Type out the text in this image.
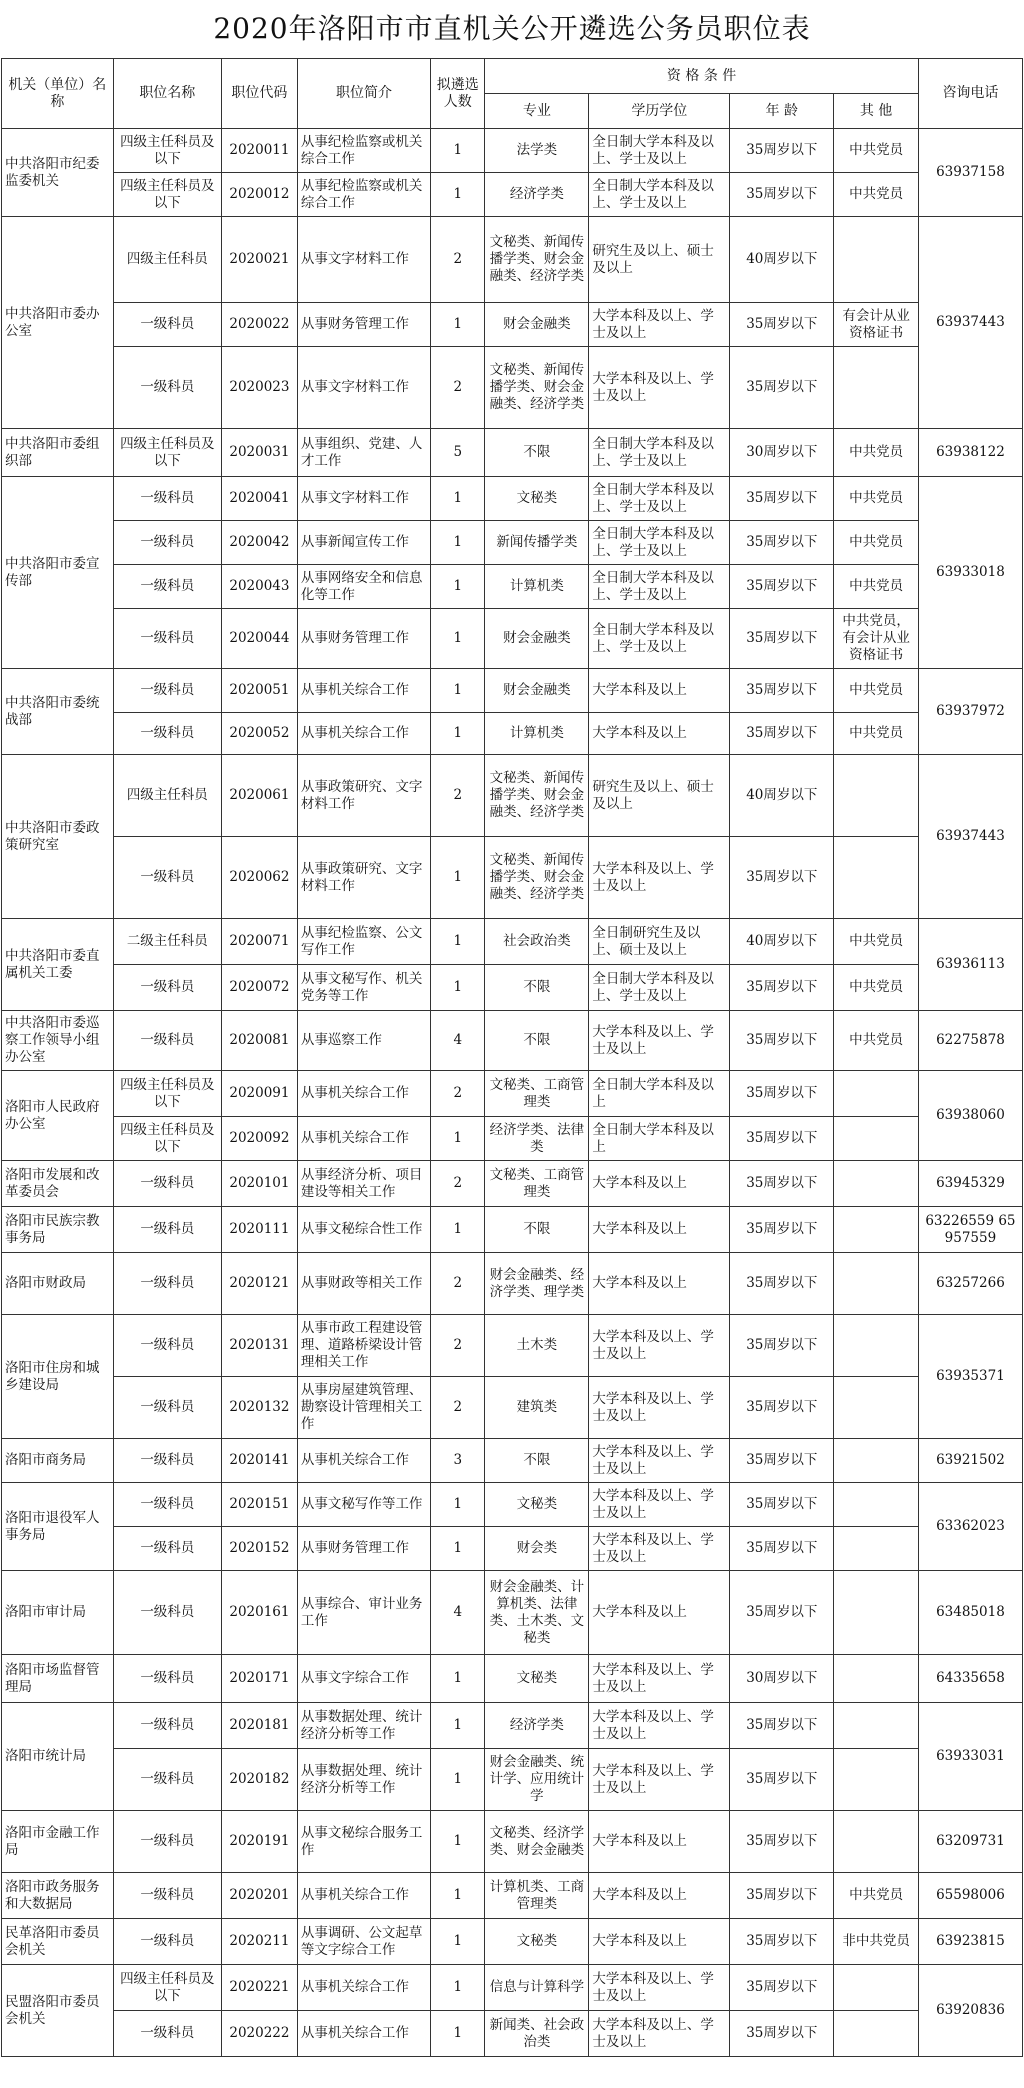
2020年洛阳市市直机关公开遴选公务员职位表
机关（单位）名称	职位名称	职位代码	职位简介	拟遴选人数	资 格 条 件				咨询电话
					专业	学历学位	年 龄	其 他	
中共洛阳市纪委监委机关	四级主任科员及以下	2020011	从事纪检监察或机关综合工作	1	法学类	全日制大学本科及以上、学士及以上	35周岁以下	中共党员	63937158
	四级主任科员及以下	2020012	从事纪检监察或机关综合工作	1	经济学类	全日制大学本科及以上、学士及以上	35周岁以下	中共党员	
中共洛阳市委办公室	四级主任科员	2020021	从事文字材料工作	2	文秘类、新闻传播学类、财会金融类、经济学类	研究生及以上、硕士及以上	40周岁以下		63937443
	一级科员	2020022	从事财务管理工作	1	财会金融类	大学本科及以上、学士及以上	35周岁以下	有会计从业资格证书	
	一级科员	2020023	从事文字材料工作	2	文秘类、新闻传播学类、财会金融类、经济学类	大学本科及以上、学士及以上	35周岁以下		
中共洛阳市委组织部	四级主任科员及以下	2020031	从事组织、党建、人才工作	5	不限	全日制大学本科及以上、学士及以上	30周岁以下	中共党员	63938122
中共洛阳市委宣传部	一级科员	2020041	从事文字材料工作	1	文秘类	全日制大学本科及以上、学士及以上	35周岁以下	中共党员	63933018
	一级科员	2020042	从事新闻宣传工作	1	新闻传播学类	全日制大学本科及以上、学士及以上	35周岁以下	中共党员	
	一级科员	2020043	从事网络安全和信息化等工作	1	计算机类	全日制大学本科及以上、学士及以上	35周岁以下	中共党员	
	一级科员	2020044	从事财务管理工作	1	财会金融类	全日制大学本科及以上、学士及以上	35周岁以下	中共党员，有会计从业资格证书	
中共洛阳市委统战部	一级科员	2020051	从事机关综合工作	1	财会金融类	大学本科及以上	35周岁以下	中共党员	63937972
	一级科员	2020052	从事机关综合工作	1	计算机类	大学本科及以上	35周岁以下	中共党员	
中共洛阳市委政策研究室	四级主任科员	2020061	从事政策研究、文字材料工作	2	文秘类、新闻传播学类、财会金融类、经济学类	研究生及以上、硕士及以上	40周岁以下		63937443
	一级科员	2020062	从事政策研究、文字材料工作	1	文秘类、新闻传播学类、财会金融类、经济学类	大学本科及以上、学士及以上	35周岁以下		
中共洛阳市委直属机关工委	二级主任科员	2020071	从事纪检监察、公文写作工作	1	社会政治类	全日制研究生及以上、硕士及以上	40周岁以下	中共党员	63936113
	一级科员	2020072	从事文秘写作、机关党务等工作	1	不限	全日制大学本科及以上、学士及以上	35周岁以下	中共党员	
中共洛阳市委巡察工作领导小组办公室	一级科员	2020081	从事巡察工作	4	不限	大学本科及以上、学士及以上	35周岁以下	中共党员	62275878
洛阳市人民政府办公室	四级主任科员及以下	2020091	从事机关综合工作	2	文秘类、工商管理类	全日制大学本科及以上	35周岁以下		63938060
	四级主任科员及以下	2020092	从事机关综合工作	1	经济学类、法律类	全日制大学本科及以上	35周岁以下		
洛阳市发展和改革委员会	一级科员	2020101	从事经济分析、项目建设等相关工作	2	文秘类、工商管理类	大学本科及以上	35周岁以下		63945329
洛阳市民族宗教事务局	一级科员	2020111	从事文秘综合性工作	1	不限	大学本科及以上	35周岁以下		63226559 65957559
洛阳市财政局	一级科员	2020121	从事财政等相关工作	2	财会金融类、经济学类、理学类	大学本科及以上	35周岁以下		63257266
洛阳市住房和城乡建设局	一级科员	2020131	从事市政工程建设管理、道路桥梁设计管理相关工作	2	土木类	大学本科及以上、学士及以上	35周岁以下		63935371
	一级科员	2020132	从事房屋建筑管理、勘察设计管理相关工作	2	建筑类	大学本科及以上、学士及以上	35周岁以下		
洛阳市商务局	一级科员	2020141	从事机关综合工作	3	不限	大学本科及以上、学士及以上	35周岁以下		63921502
洛阳市退役军人事务局	一级科员	2020151	从事文秘写作等工作	1	文秘类	大学本科及以上、学士及以上	35周岁以下		63362023
	一级科员	2020152	从事财务管理工作	1	财会类	大学本科及以上、学士及以上	35周岁以下		
洛阳市审计局	一级科员	2020161	从事综合、审计业务工作	4	财会金融类、计算机类、法律类、土木类、文秘类	大学本科及以上	35周岁以下		63485018
洛阳市场监督管理局	一级科员	2020171	从事文字综合工作	1	文秘类	大学本科及以上、学士及以上	30周岁以下		64335658
洛阳市统计局	一级科员	2020181	从事数据处理、统计经济分析等工作	1	经济学类	大学本科及以上、学士及以上	35周岁以下		63933031
	一级科员	2020182	从事数据处理、统计经济分析等工作	1	财会金融类、统计学、应用统计学	大学本科及以上、学士及以上	35周岁以下		
洛阳市金融工作局	一级科员	2020191	从事文秘综合服务工作	1	文秘类、经济学类、财会金融类	大学本科及以上	35周岁以下		63209731
洛阳市政务服务和大数据局	一级科员	2020201	从事机关综合工作	1	计算机类、工商管理类	大学本科及以上	35周岁以下	中共党员	65598006
民革洛阳市委员会机关	一级科员	2020211	从事调研、公文起草等文字综合工作	1	文秘类	大学本科及以上	35周岁以下	非中共党员	63923815
民盟洛阳市委员会机关	四级主任科员及以下	2020221	从事机关综合工作	1	信息与计算科学	大学本科及以上、学士及以上	35周岁以下		63920836
	一级科员	2020222	从事机关综合工作	1	新闻类、社会政治类	大学本科及以上、学士及以上	35周岁以下		
